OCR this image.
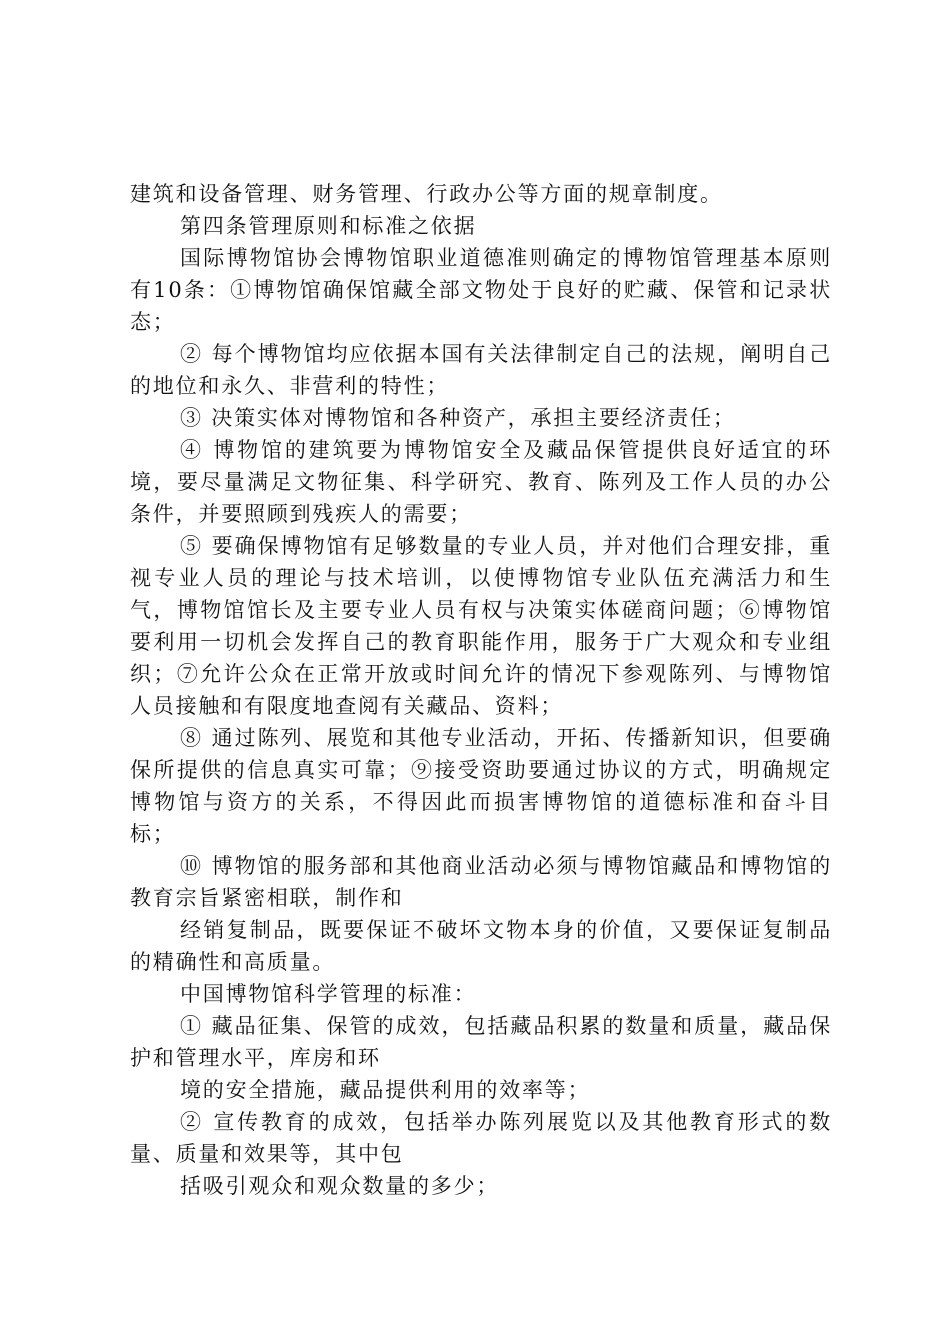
建筑和设备管理、财务管理、行政办公等方面的规章制度。

第四条管理原则和标准之依据

国际博物馆协会博物馆职业道德准则确定的博物馆管理基本原则有10条：①博物馆确保馆藏全部文物处于良好的贮藏、保管和记录状态；

② 每个博物馆均应依据本国有关法律制定自己的法规，阐明自己的地位和永久、非营利的特性；

③ 决策实体对博物馆和各种资产，承担主要经济责任；

④ 博物馆的建筑要为博物馆安全及藏品保管提供良好适宜的环境，要尽量满足文物征集、科学研究、教育、陈列及工作人员的办公条件，并要照顾到残疾人的需要；

⑤ 要确保博物馆有足够数量的专业人员，并对他们合理安排，重视专业人员的理论与技术培训，以使博物馆专业队伍充满活力和生气，博物馆馆长及主要专业人员有权与决策实体磋商问题；⑥博物馆要利用一切机会发挥自己的教育职能作用，服务于广大观众和专业组织；⑦允许公众在正常开放或时间允许的情况下参观陈列、与博物馆人员接触和有限度地查阅有关藏品、资料；

⑧ 通过陈列、展览和其他专业活动，开拓、传播新知识，但要确保所提供的信息真实可靠；⑨接受资助要通过协议的方式，明确规定博物馆与资方的关系，不得因此而损害博物馆的道德标准和奋斗目标；

⑩ 博物馆的服务部和其他商业活动必须与博物馆藏品和博物馆的教育宗旨紧密相联，制作和

经销复制品，既要保证不破坏文物本身的价值，又要保证复制品的精确性和高质量。

中国博物馆科学管理的标准：

① 藏品征集、保管的成效，包括藏品积累的数量和质量，藏品保护和管理水平，库房和环

境的安全措施，藏品提供利用的效率等；

② 宣传教育的成效，包括举办陈列展览以及其他教育形式的数量、质量和效果等，其中包

括吸引观众和观众数量的多少；
